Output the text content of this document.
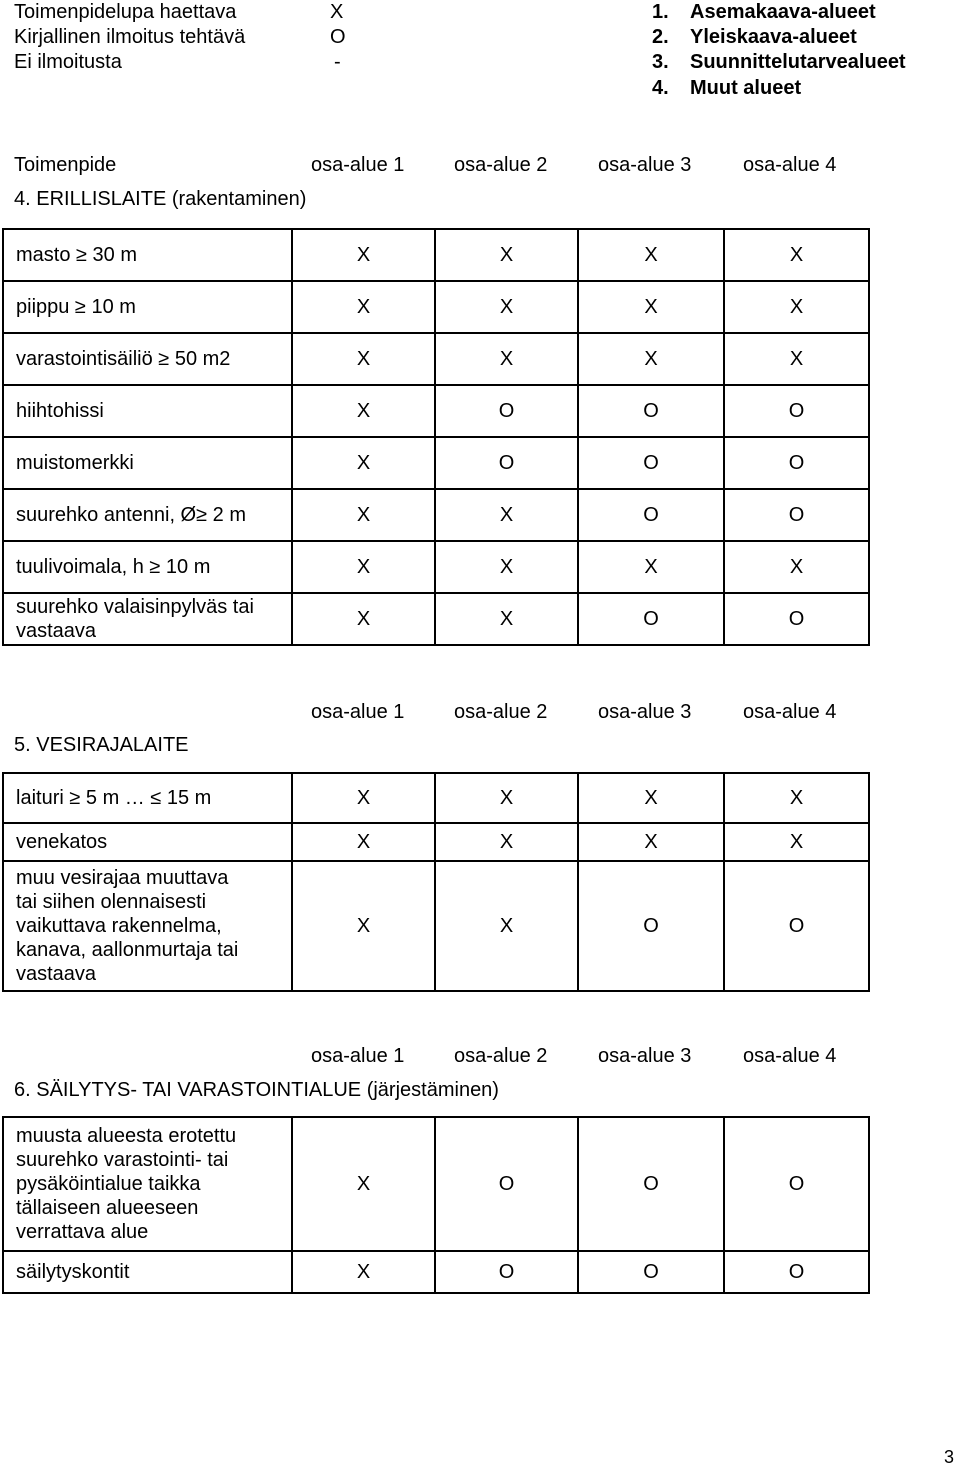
Toimenpidelupa haettava	X
Kirjallinen ilmoitus tehtävä	O
Ei ilmoitusta	-
1. Asemakaava-alueet
2. Yleiskaava-alueet
3. Suunnittelutarvealueet
4. Muut alueet
Toimenpide	osa-alue 1 osa-alue 2	osa-alue 3	osa-alue 4
4. ERILLISLAITE (rakentaminen)
masto ≥ 30 m	X	X	X	X
piippu ≥ 10 m	X	X	X	X
varastointisäiliö ≥ 50 m2	X	X	X	X
hiihtohissi	X	O	O	O
muistomerkki	X	O	O	O
suurehko antenni, Ø≥ 2 m	X	X	O	O
tuulivoimala, h ≥ 10 m	X	X	X	X

suurehko valaisinpylväs tai
vastaava	X	X	O	O
osa-alue 1 osa-alue 2	osa-alue 3	osa-alue 4
5. VESIRAJALAITE
laituri ≥ 5 m … ≤ 15 m	X	X	X	X
venekatos	X	X	X	X

muu vesirajaa muuttava
tai siihen olennaisesti
vaikuttava rakennelma,
kanava, aallonmurtaja tai
vastaava	X	X	O	O
osa-alue 1 osa-alue 2	osa-alue 3	osa-alue 4
6. SÄILYTYS- TAI VARASTOINTIALUE (järjestäminen)
muusta alueesta erotettu
suurehko varastointi- tai
pysäköintialue taikka
tällaiseen alueeseen
verrattava alue	X	O	O	O
säilytyskontit	X	O	O	O
3
